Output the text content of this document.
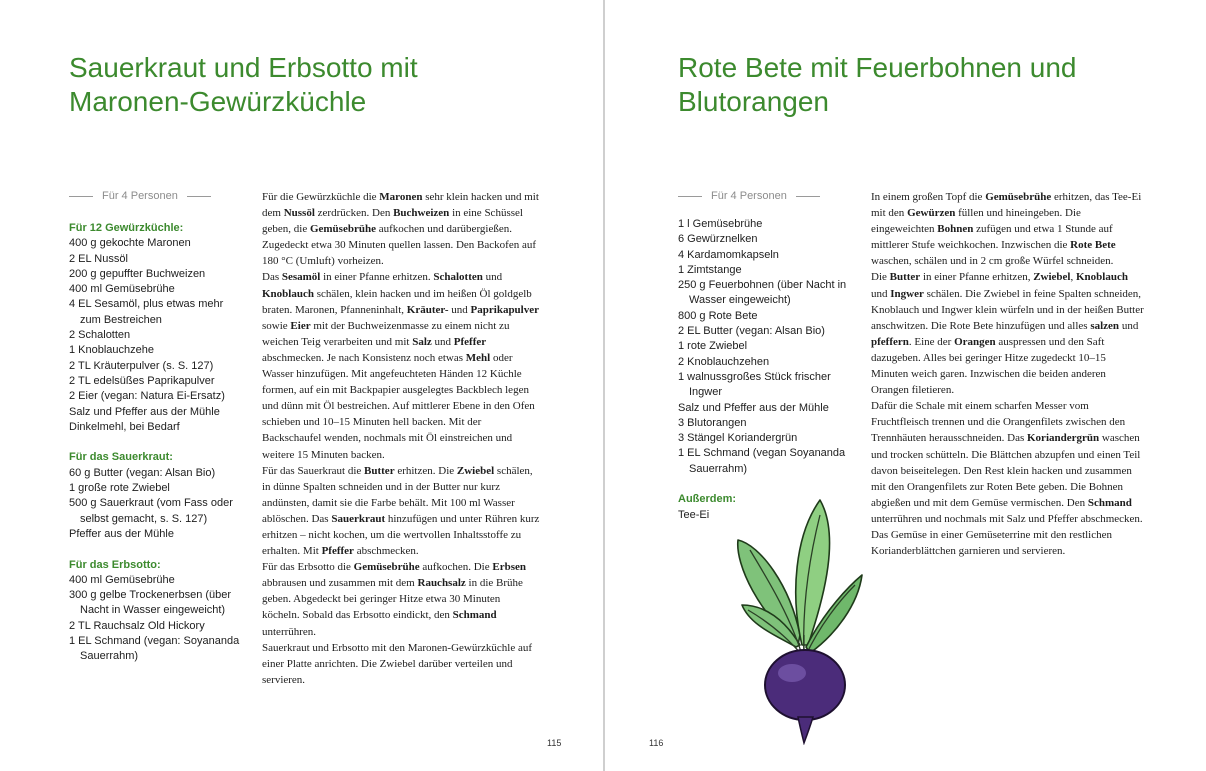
Sauerkraut und Erbsotto mit Maronen-Gewürzküchle
Für 4 Personen
Für 12 Gewürzküchle:
400 g gekochte Maronen
2 EL Nussöl
200 g gepuffter Buchweizen
400 ml Gemüsebrühe
4 EL Sesamöl, plus etwas mehr zum Bestreichen
2 Schalotten
1 Knoblauchzehe
2 TL Kräuterpulver (s. S. 127)
2 TL edelsüßes Paprikapulver
2 Eier (vegan: Natura Ei-Ersatz)
Salz und Pfeffer aus der Mühle
Dinkelmehl, bei Bedarf
Für das Sauerkraut:
60 g Butter (vegan: Alsan Bio)
1 große rote Zwiebel
500 g Sauerkraut (vom Fass oder selbst gemacht, s. S. 127)
Pfeffer aus der Mühle
Für das Erbsotto:
400 ml Gemüsebrühe
300 g gelbe Trockenerbsen (über Nacht in Wasser eingeweicht)
2 TL Rauchsalz Old Hickory
1 EL Schmand (vegan: Soyananda Sauerrahm)

Für die Gewürzküchle die Maronen sehr klein hacken und mit dem Nussöl zerdrücken. Den Buchweizen in eine Schüssel geben, die Gemüsebrühe aufkochen und darübergießen. Zugedeckt etwa 30 Minuten quellen lassen. Den Backofen auf 180 °C (Umluft) vorheizen.

Das Sesamöl in einer Pfanne erhitzen. Schalotten und Knoblauch schälen, klein hacken und im heißen Öl goldgelb braten. Maronen, Pfanneninhalt, Kräuter- und Paprikapulver sowie Eier mit der Buchweizenmasse zu einem nicht zu weichen Teig verarbeiten und mit Salz und Pfeffer abschmecken. Je nach Konsistenz noch etwas Mehl oder Wasser hinzufügen. Mit angefeuchteten Händen 12 Küchle formen, auf ein mit Backpapier ausgelegtes Backblech legen und dünn mit Öl bestreichen. Auf mittlerer Ebene in den Ofen schieben und 10–15 Minuten hell backen. Mit der Backschaufel wenden, nochmals mit Öl einstreichen und weitere 15 Minuten backen.

Für das Sauerkraut die Butter erhitzen. Die Zwiebel schälen, in dünne Spalten schneiden und in der Butter nur kurz andünsten, damit sie die Farbe behält. Mit 100 ml Wasser ablöschen. Das Sauerkraut hinzufügen und unter Rühren kurz erhitzen – nicht kochen, um die wertvollen Inhaltsstoffe zu erhalten. Mit Pfeffer abschmecken.

Für das Erbsotto die Gemüsebrühe aufkochen. Die Erbsen abbrausen und zusammen mit dem Rauchsalz in die Brühe geben. Abgedeckt bei geringer Hitze etwa 30 Minuten köcheln. Sobald das Erbsotto eindickt, den Schmand unterrühren.

Sauerkraut und Erbsotto mit den Maronen-Gewürzküchle auf einer Platte anrichten. Die Zwiebel darüber verteilen und servieren.

115
Rote Bete mit Feuerbohnen und Blutorangen
Für 4 Personen
1 l Gemüsebrühe
6 Gewürznelken
4 Kardamomkapseln
1 Zimtstange
250 g Feuerbohnen (über Nacht in Wasser eingeweicht)
800 g Rote Bete
2 EL Butter (vegan: Alsan Bio)
1 rote Zwiebel
2 Knoblauchzehen
1 walnussgroßes Stück frischer Ingwer
Salz und Pfeffer aus der Mühle
3 Blutorangen
3 Stängel Koriandergrün
1 EL Schmand (vegan Soyananda Sauerrahm)
Außerdem:
Tee-Ei

In einem großen Topf die Gemüsebrühe erhitzen, das Tee-Ei mit den Gewürzen füllen und hineingeben. Die eingeweichten Bohnen zufügen und etwa 1 Stunde auf mittlerer Stufe weichkochen. Inzwischen die Rote Bete waschen, schälen und in 2 cm große Würfel schneiden.

Die Butter in einer Pfanne erhitzen, Zwiebel, Knoblauch und Ingwer schälen. Die Zwiebel in feine Spalten schneiden, Knoblauch und Ingwer klein würfeln und in der heißen Butter anschwitzen. Die Rote Bete hinzufügen und alles salzen und pfeffern. Eine der Orangen auspressen und den Saft dazugeben. Alles bei geringer Hitze zugedeckt 10–15 Minuten weich garen. Inzwischen die beiden anderen Orangen filetieren.

Dafür die Schale mit einem scharfen Messer vom Fruchtfleisch trennen und die Orangenfilets zwischen den Trennhäuten herausschneiden. Das Koriandergrün waschen und trocken schütteln. Die Blättchen abzupfen und einen Teil davon beiseitelegen. Den Rest klein hacken und zusammen mit den Orangenfilets zur Roten Bete geben. Die Bohnen abgießen und mit dem Gemüse vermischen. Den Schmand unterrühren und nochmals mit Salz und Pfeffer abschmecken.

Das Gemüse in einer Gemüseterrine mit den restlichen Korianderblättchen garnieren und servieren.

116
